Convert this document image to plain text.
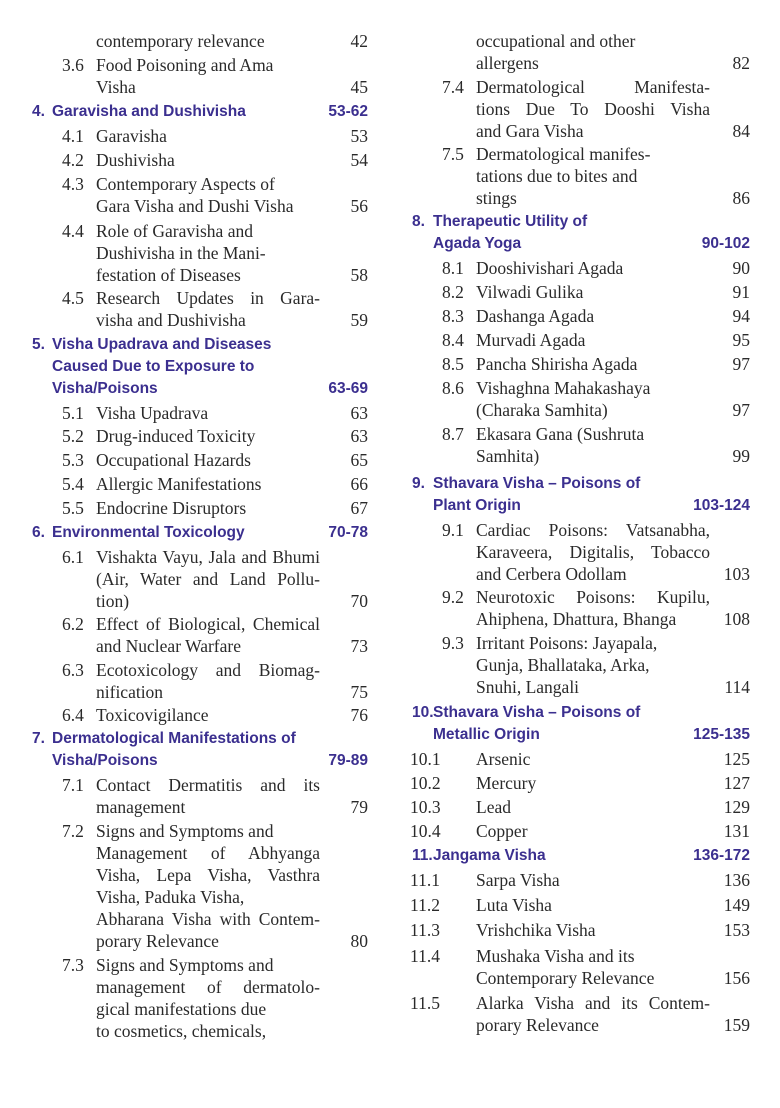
contemporary relevance	42
3.6 Food Poisoning and Ama
Visha	45
4. Garavisha and Dushivisha	53-62
4.1 Garavisha	53
4.2 Dushivisha	54
4.3 Contemporary Aspects of
Gara Visha and Dushi Visha	56
4.4 Role of Garavisha and
Dushivisha in the Mani-
festation of Diseases	58
4.5 Research Updates in Gara-
visha and Dushivisha	59
5. Visha Upadrava and Diseases
Caused Due to Exposure to
Visha/Poisons	63-69
5.1 Visha Upadrava	63
5.2 Drug-induced Toxicity	63
5.3 Occupational Hazards	65
5.4 Allergic Manifestations	66
5.5 Endocrine Disruptors	67
6. Environmental Toxicology	70-78
6.1 Vishakta Vayu, Jala and Bhumi
(Air, Water and Land Pollu-
tion)	70
6.2 Effect of Biological, Chemical
and Nuclear Warfare	73
6.3 Ecotoxicology and Biomag-
nification	75
6.4 Toxicovigilance	76
7. Dermatological Manifestations of
Visha/Poisons	79-89
7.1 Contact Dermatitis and its
management	79
7.2 Signs and Symptoms and
Management of Abhyanga
Visha, Lepa Visha, Vasthra
Visha, Paduka Visha,
Abharana Visha with Contem-
porary Relevance	80
7.3 Signs and Symptoms and
management of dermatolo-
gical manifestations due
to cosmetics, chemicals,
occupational and other
allergens	82
7.4 Dermatological Manifesta-
tions Due To Dooshi Visha
and Gara Visha	84
7.5 Dermatological manifes-
tations due to bites and
stings	86
8. Therapeutic Utility of
Agada Yoga	90-102
8.1 Dooshivishari Agada	90
8.2 Vilwadi Gulika	91
8.3 Dashanga Agada	94
8.4 Murvadi Agada	95
8.5 Pancha Shirisha Agada	97
8.6 Vishaghna Mahakashaya
(Charaka Samhita)	97
8.7 Ekasara Gana (Sushruta
Samhita)	99
9. Sthavara Visha – Poisons of
Plant Origin	103-124
9.1 Cardiac Poisons: Vatsanabha,
Karaveera, Digitalis, Tobacco
and Cerbera Odollam	103
9.2 Neurotoxic Poisons: Kupilu,
Ahiphena, Dhattura, Bhanga	108
9.3 Irritant Poisons: Jayapala,
Gunja, Bhallataka, Arka,
Snuhi, Langali	114
10. Sthavara Visha – Poisons of
Metallic Origin	125-135
10.1 Arsenic	125
10.2 Mercury	127
10.3 Lead	129
10.4 Copper	131
11. Jangama Visha	136-172
11.1 Sarpa Visha	136
11.2 Luta Visha	149
11.3 Vrishchika Visha	153
11.4 Mushaka Visha and its
Contemporary Relevance	156
11.5 Alarka Visha and its Contem-
porary Relevance	159
